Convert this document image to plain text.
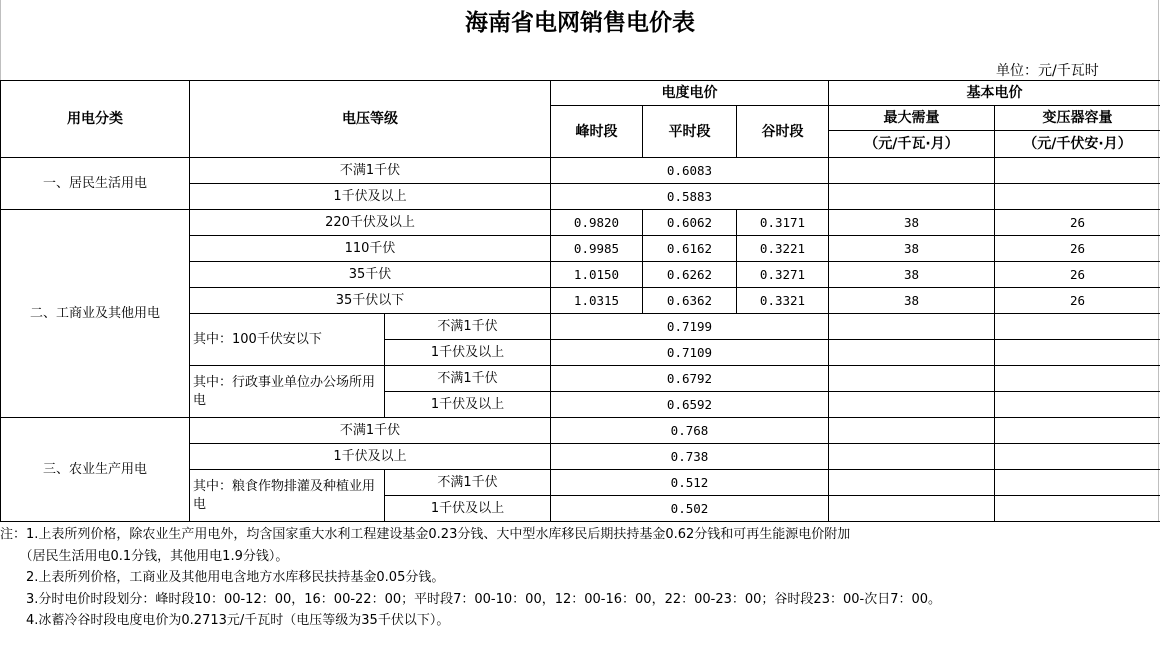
海南省电网销售电价表
单位：元/千瓦时
用电分类	电压等级		电度电价			基本电价	
			峰时段	平时段	谷时段	最大需量	变压器容量
						（元/千瓦·月）	（元/千伏安·月）
一、居民生活用电	不满1千伏		0.6083				
	1千伏及以上		0.5883				
二、工商业及其他用电	220千伏及以上		0.9820	0.6062	0.3171	38	26
	110千伏		0.9985	0.6162	0.3221	38	26
	35千伏		1.0150	0.6262	0.3271	38	26
	35千伏以下		1.0315	0.6362	0.3321	38	26
	其中：100千伏安以下	不满1千伏	0.7199				
		1千伏及以上	0.7109				
	其中：行政事业单位办公场所用电	不满1千伏	0.6792				
		1千伏及以上	0.6592				
三、农业生产用电	不满1千伏		0.768				
	1千伏及以上		0.738				
	其中：粮食作物排灌及种植业用电	不满1千伏	0.512				
		1千伏及以上	0.502				
注：1.上表所列价格，除农业生产用电外，均含国家重大水利工程建设基金0.23分钱、大中型水库移民后期扶持基金0.62分钱和可再生能源电价附加
　　（居民生活用电0.1分钱，其他用电1.9分钱）。
　　2.上表所列价格，工商业及其他用电含地方水库移民扶持基金0.05分钱。
　　3.分时电价时段划分：峰时段10：00-12：00，16：00-22：00；平时段7：00-10：00，12：00-16：00，22：00-23：00；谷时段23：00-次日7：00。
　　4.冰蓄冷谷时段电度电价为0.2713元/千瓦时（电压等级为35千伏以下）。
